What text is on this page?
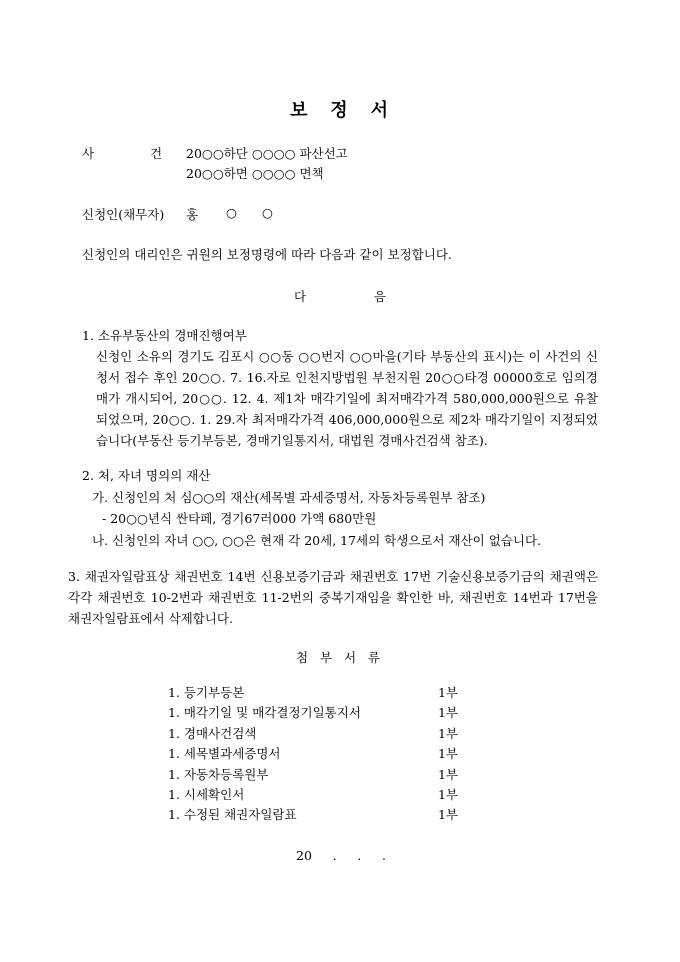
보 정 서
사	건 20○○하단 ○○○○ 파산선고
20○○하면 ○○○○ 면책
신청인(채무자) 홍 ○ ○
신청인의 대리인은 귀원의 보정명령에 따라 다음과 같이 보정합니다.
다	음
1. 소유부동산의 경매진행여부

신청인 소유의 경기도 김포시 ○○동 ○○번지 ○○마을(기타 부동산의 표시)는 이 사건의 신청서 접수 후인 20○○. 7. 16.자로 인천지방법원 부천지원 20○○타경 00000호로 임의경매가 개시되어, 20○○. 12. 4. 제1차 매각기일에 최저매각가격 580,000,000원으로 유찰되었으며, 20○○. 1. 29.자 최저매각가격 406,000,000원으로 제2차 매각기일이 지정되었습니다(부동산 등기부등본, 경매기일통지서, 대법원 경매사건검색 참조).

2. 처, 자녀 명의의 재산
가. 신청인의 처 심○○의 재산(세목별 과세증명서, 자동차등록원부 참조)
- 20○○년식 싼타페, 경기67러000 가액 680만원
나. 신청인의 자녀 ○○, ○○은 현재 각 20세, 17세의 학생으로서 재산이 없습니다.

3. 채권자일람표상 채권번호 14번 신용보증기금과 채권번호 17번 기술신용보증기금의 채권액은 각각 채권번호 10-2번과 채권번호 11-2번의 중복기재임을 확인한 바, 채권번호 14번과 17번을 채권자일람표에서 삭제합니다.

첨 부 서 류
1. 등기부등본	1부
1. 매각기일 및 매각결정기일통지서	1부
1. 경매사건검색	1부
1. 세목별과세증명서	1부
1. 자동차등록원부	1부
1. 시세확인서	1부
1. 수정된 채권자일람표	1부
20 . . .
